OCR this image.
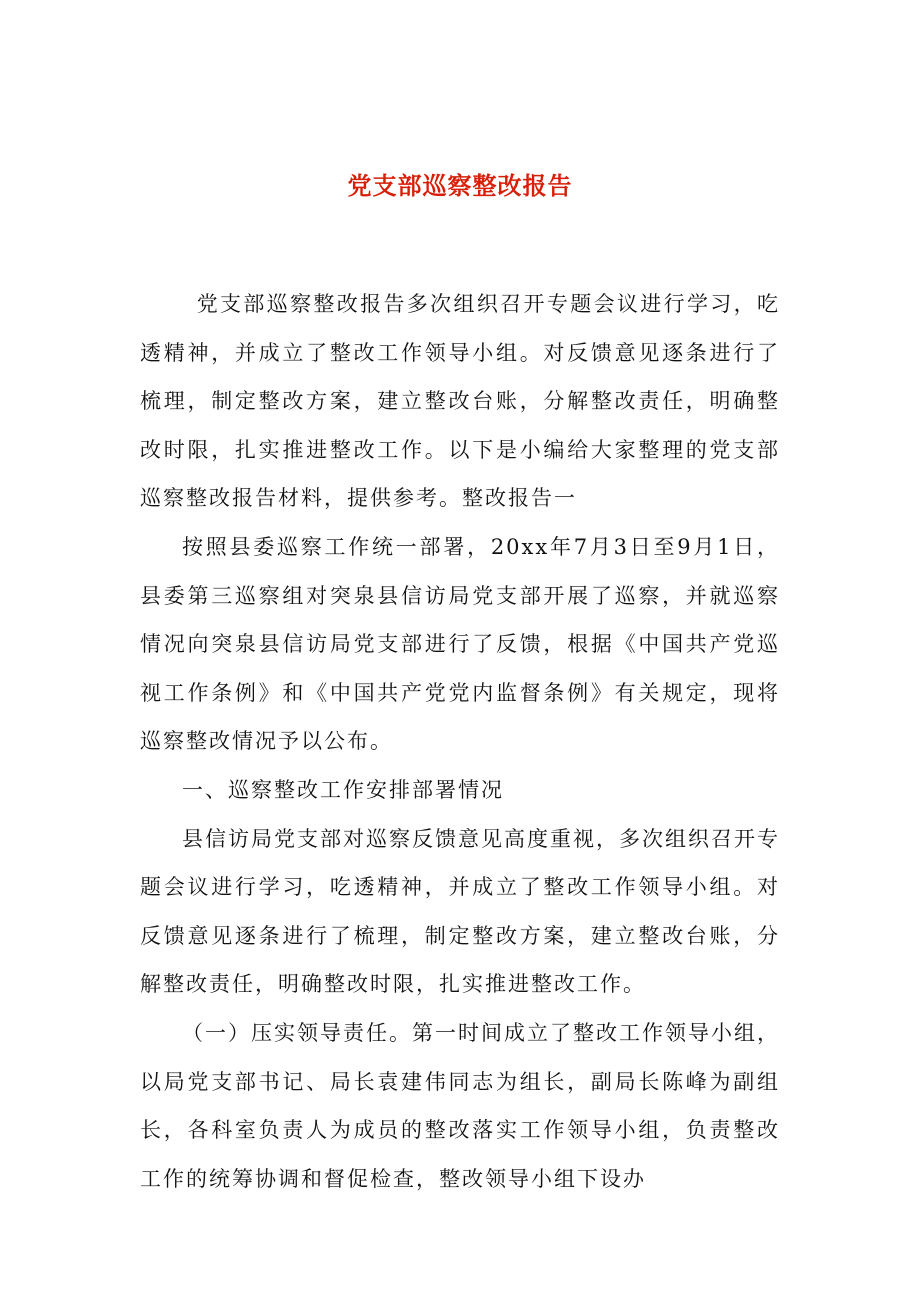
党支部巡察整改报告

党支部巡察整改报告多次组织召开专题会议进行学习，吃透精神，并成立了整改工作领导小组。对反馈意见逐条进行了梳理，制定整改方案，建立整改台账，分解整改责任，明确整改时限，扎实推进整改工作。以下是小编给大家整理的党支部巡察整改报告材料，提供参考。整改报告一

按照县委巡察工作统一部署，20xx年7月3日至9月1日，县委第三巡察组对突泉县信访局党支部开展了巡察，并就巡察情况向突泉县信访局党支部进行了反馈，根据《中国共产党巡视工作条例》和《中国共产党党内监督条例》有关规定，现将巡察整改情况予以公布。

一、巡察整改工作安排部署情况

县信访局党支部对巡察反馈意见高度重视，多次组织召开专题会议进行学习，吃透精神，并成立了整改工作领导小组。对反馈意见逐条进行了梳理，制定整改方案，建立整改台账，分解整改责任，明确整改时限，扎实推进整改工作。

（一）压实领导责任。第一时间成立了整改工作领导小组，以局党支部书记、局长袁建伟同志为组长，副局长陈峰为副组长，各科室负责人为成员的整改落实工作领导小组，负责整改工作的统筹协调和督促检查，整改领导小组下设办
